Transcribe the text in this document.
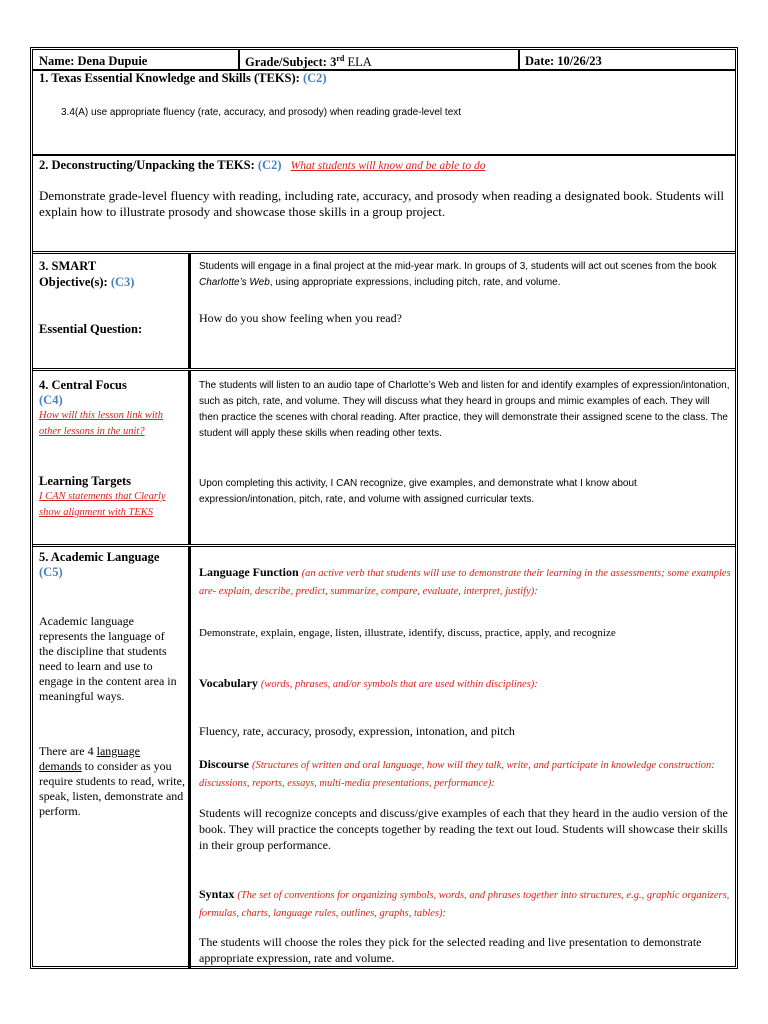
Name: Dena Dupuie	Grade/Subject: 3rd ELA	Date: 10/26/23
1. Texas Essential Knowledge and Skills (TEKS): (C2)
3.4(A) use appropriate fluency (rate, accuracy, and prosody) when reading grade-level text
2. Deconstructing/Unpacking the TEKS: (C2) What students will know and be able to do
Demonstrate grade-level fluency with reading, including rate, accuracy, and prosody when reading a designated book. Students will explain how to illustrate prosody and showcase those skills in a group project.
3. SMART
Objective(s): (C3)
Essential Question:
Students will engage in a final project at the mid-year mark. In groups of 3, students will act out scenes from the book Charlotte’s Web, using appropriate expressions, including pitch, rate, and volume.
How do you show feeling when you read?
4. Central Focus
(C4)
How will this lesson link with other lessons in the unit?
Learning Targets
I CAN statements that Clearly show alignment with TEKS
The students will listen to an audio tape of Charlotte’s Web and listen for and identify examples of expression/intonation, such as pitch, rate, and volume. They will discuss what they heard in groups and mimic examples of each. They will then practice the scenes with choral reading. After practice, they will demonstrate their assigned scene to the class. The student will apply these skills when reading other texts.
Upon completing this activity, I CAN recognize, give examples, and demonstrate what I know about expression/intonation, pitch, rate, and volume with assigned curricular texts.
5. Academic Language
(C5)
Academic language represents the language of the discipline that students need to learn and use to engage in the content area in meaningful ways.
There are 4 language demands to consider as you require students to read, write, speak, listen, demonstrate and perform.
Language Function (an active verb that students will use to demonstrate their learning in the assessments; some examples are- explain, describe, predict, summarize, compare, evaluate, interpret, justify):
Demonstrate, explain, engage, listen, illustrate, identify, discuss, practice, apply, and recognize
Vocabulary (words, phrases, and/or symbols that are used within disciplines):
Fluency, rate, accuracy, prosody, expression, intonation, and pitch
Discourse (Structures of written and oral language, how will they talk, write, and participate in knowledge construction: discussions, reports, essays, multi-media presentations, performance):
Students will recognize concepts and discuss/give examples of each that they heard in the audio version of the book. They will practice the concepts together by reading the text out loud. Students will showcase their skills in their group performance.
Syntax (The set of conventions for organizing symbols, words, and phrases together into structures, e.g., graphic organizers, formulas, charts, language rules, outlines, graphs, tables):
The students will choose the roles they pick for the selected reading and live presentation to demonstrate appropriate expression, rate and volume.
